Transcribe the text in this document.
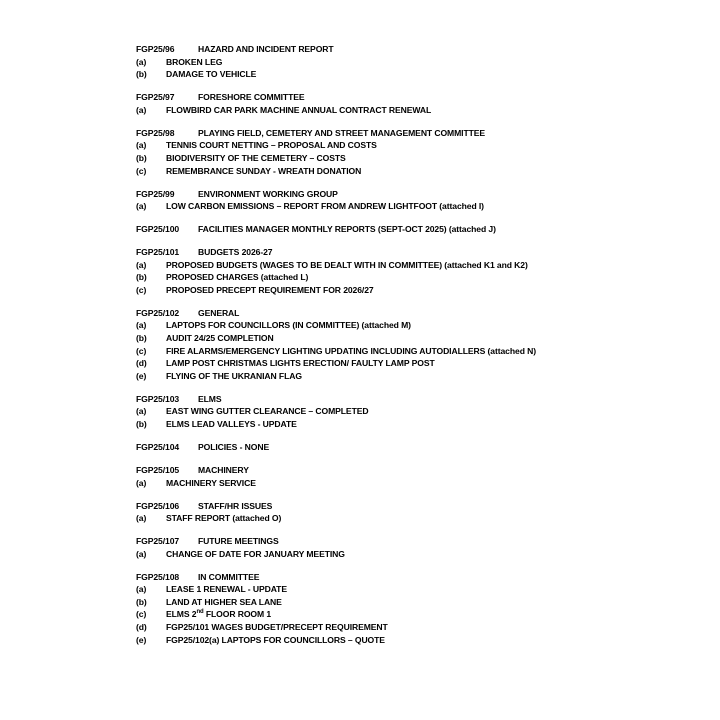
FGP25/96	HAZARD AND INCIDENT REPORT
(a) BROKEN LEG
(b) DAMAGE TO VEHICLE
FGP25/97	FORESHORE COMMITTEE
(a) FLOWBIRD CAR PARK MACHINE ANNUAL CONTRACT RENEWAL
FGP25/98	PLAYING FIELD, CEMETERY AND STREET MANAGEMENT COMMITTEE
(a) TENNIS COURT NETTING – PROPOSAL AND COSTS
(b) BIODIVERSITY OF THE CEMETERY – COSTS
(c) REMEMBRANCE SUNDAY - WREATH DONATION
FGP25/99	ENVIRONMENT WORKING GROUP
(a) LOW CARBON EMISSIONS – REPORT FROM ANDREW LIGHTFOOT (attached I)
FGP25/100 FACILITIES MANAGER MONTHLY REPORTS (SEPT-OCT 2025) (attached J)
FGP25/101 BUDGETS 2026-27
(a) PROPOSED BUDGETS (WAGES TO BE DEALT WITH IN COMMITTEE) (attached K1 and K2)
(b) PROPOSED CHARGES (attached L)
(c) PROPOSED PRECEPT REQUIREMENT FOR 2026/27
FGP25/102 GENERAL
(a) LAPTOPS FOR COUNCILLORS (IN COMMITTEE) (attached M)
(b) AUDIT 24/25 COMPLETION
(c) FIRE ALARMS/EMERGENCY LIGHTING UPDATING INCLUDING AUTODIALLERS (attached N)
(d) LAMP POST CHRISTMAS LIGHTS ERECTION/ FAULTY LAMP POST
(e) FLYING OF THE UKRANIAN FLAG
FGP25/103 ELMS
(a) EAST WING GUTTER CLEARANCE – COMPLETED
(b) ELMS LEAD VALLEYS - UPDATE
FGP25/104 POLICIES - NONE
FGP25/105 MACHINERY
(a) MACHINERY SERVICE
FGP25/106 STAFF/HR ISSUES
(a) STAFF REPORT (attached O)
FGP25/107 FUTURE MEETINGS
(a) CHANGE OF DATE FOR JANUARY MEETING
FGP25/108 IN COMMITTEE
(a) LEASE 1 RENEWAL - UPDATE
(b) LAND AT HIGHER SEA LANE
(c) ELMS 2nd FLOOR ROOM 1
(d) FGP25/101 WAGES BUDGET/PRECEPT REQUIREMENT
(e) FGP25/102(a) LAPTOPS FOR COUNCILLORS – QUOTE
